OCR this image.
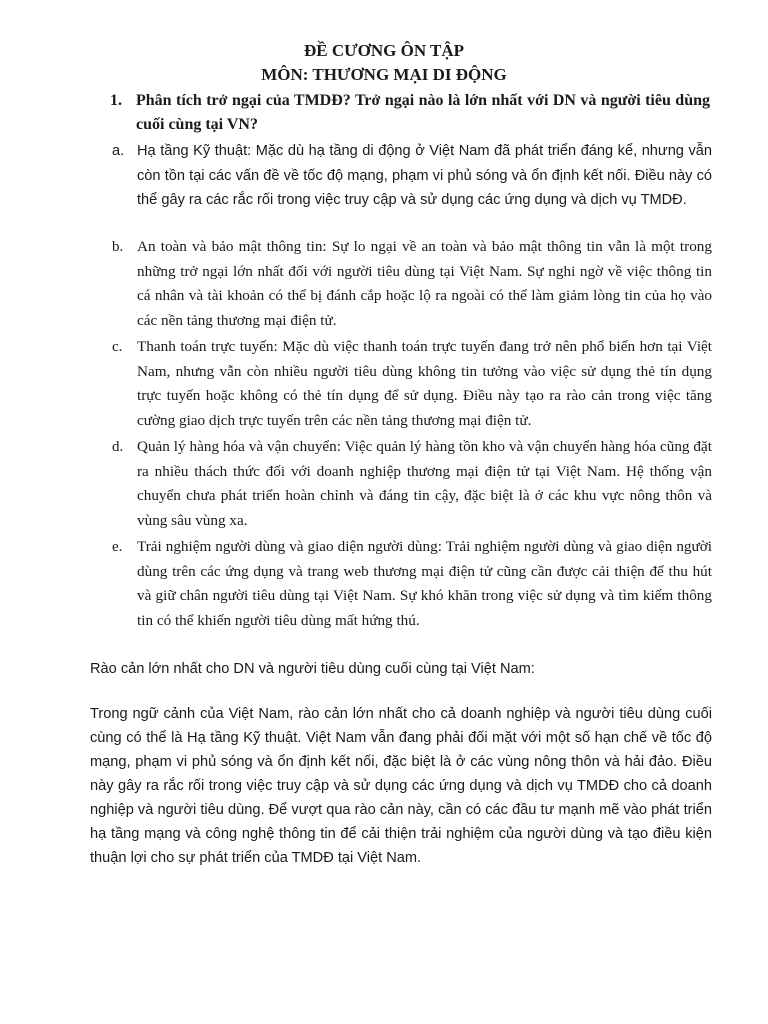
ĐỀ CƯƠNG ÔN TẬP
MÔN: THƯƠNG MẠI DI ĐỘNG
1. Phân tích trở ngại của TMDĐ? Trở ngại nào là lớn nhất với DN và người tiêu dùng cuối cùng tại VN?
a. Hạ tầng Kỹ thuật: Mặc dù hạ tầng di động ở Việt Nam đã phát triển đáng kể, nhưng vẫn còn tồn tại các vấn đề về tốc độ mạng, phạm vi phủ sóng và ổn định kết nối. Điều này có thể gây ra các rắc rối trong việc truy cập và sử dụng các ứng dụng và dịch vụ TMDĐ.
b. An toàn và bảo mật thông tin: Sự lo ngại về an toàn và bảo mật thông tin vẫn là một trong những trở ngại lớn nhất đối với người tiêu dùng tại Việt Nam. Sự nghi ngờ về việc thông tin cá nhân và tài khoản có thể bị đánh cắp hoặc lộ ra ngoài có thể làm giảm lòng tin của họ vào các nền tảng thương mại điện tử.
c. Thanh toán trực tuyến: Mặc dù việc thanh toán trực tuyến đang trở nên phổ biến hơn tại Việt Nam, nhưng vẫn còn nhiều người tiêu dùng không tin tưởng vào việc sử dụng thẻ tín dụng trực tuyến hoặc không có thẻ tín dụng để sử dụng. Điều này tạo ra rào cản trong việc tăng cường giao dịch trực tuyến trên các nền tảng thương mại điện tử.
d. Quản lý hàng hóa và vận chuyển: Việc quản lý hàng tồn kho và vận chuyển hàng hóa cũng đặt ra nhiều thách thức đối với doanh nghiệp thương mại điện tử tại Việt Nam. Hệ thống vận chuyển chưa phát triển hoàn chỉnh và đáng tin cậy, đặc biệt là ở các khu vực nông thôn và vùng sâu vùng xa.
e. Trải nghiệm người dùng và giao diện người dùng: Trải nghiệm người dùng và giao diện người dùng trên các ứng dụng và trang web thương mại điện tử cũng cần được cải thiện để thu hút và giữ chân người tiêu dùng tại Việt Nam. Sự khó khăn trong việc sử dụng và tìm kiếm thông tin có thể khiến người tiêu dùng mất hứng thú.

Rào cản lớn nhất cho DN và người tiêu dùng cuối cùng tại Việt Nam:

Trong ngữ cảnh của Việt Nam, rào cản lớn nhất cho cả doanh nghiệp và người tiêu dùng cuối cùng có thể là Hạ tầng Kỹ thuật. Việt Nam vẫn đang phải đối mặt với một số hạn chế về tốc độ mạng, phạm vi phủ sóng và ổn định kết nối, đặc biệt là ở các vùng nông thôn và hải đảo. Điều này gây ra rắc rối trong việc truy cập và sử dụng các ứng dụng và dịch vụ TMDĐ cho cả doanh nghiệp và người tiêu dùng. Để vượt qua rào cản này, cần có các đầu tư mạnh mẽ vào phát triển hạ tầng mạng và công nghệ thông tin để cải thiện trải nghiệm của người dùng và tạo điều kiện thuận lợi cho sự phát triển của TMDĐ tại Việt Nam.
